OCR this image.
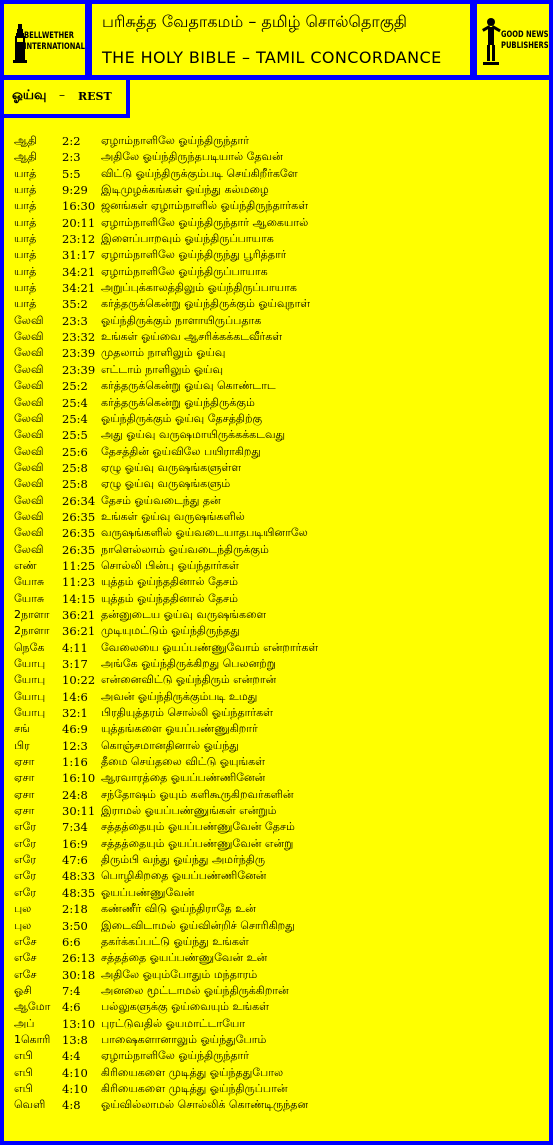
BELLWETHER
INTERNATIONAL
பரிசுத்த வேதாகமம் – தமிழ் சொல்தொகுதி
THE HOLY BIBLE – TAMIL CONCORDANCE
GOOD NEWS
PUBLISHERS
ஓய்வு – REST
ஆதி 2:2 ஏழாம்நாளிலே ஓய்ந்திருந்தார்
ஆதி 2:3 அதிலே ஓய்ந்திருந்தபடியால் தேவன்
யாத் 5:5 விட்டு ஓய்ந்திருக்கும்படி செய்கிறீர்களே
யாத் 9:29 இடிமுழக்கங்கள் ஓய்ந்து கல்மழை
யாத் 16:30 ஜனங்கள் ஏழாம்நாளில் ஓய்ந்திருந்தார்கள்
யாத் 20:11 ஏழாம்நாளிலே ஓய்ந்திருந்தார் ஆகையால்
யாத் 23:12 இளைப்பாறவும் ஓய்ந்திருப்பாயாக
யாத் 31:17 ஏழாம்நாளிலே ஓய்ந்திருந்து பூரித்தார்
யாத் 34:21 ஏழாம்நாளிலே ஓய்ந்திருப்பாயாக
யாத் 34:21 அறுப்புக்காலத்திலும் ஓய்ந்திருப்பாயாக
யாத் 35:2 கர்த்தருக்கென்று ஓய்ந்திருக்கும் ஓய்வுநாள்
லேவி 23:3 ஓய்ந்திருக்கும் நாளாயிருப்பதாக
லேவி 23:32 உங்கள் ஓய்வை ஆசரிக்கக்கடவீர்கள்
லேவி 23:39 முதலாம் நாளிலும் ஓய்வு
லேவி 23:39 எட்டாம் நாளிலும் ஓய்வு
லேவி 25:2 கர்த்தருக்கென்று ஓய்வு கொண்டாட
லேவி 25:4 கர்த்தருக்கென்று ஓய்ந்திருக்கும்
லேவி 25:4 ஓய்ந்திருக்கும் ஓய்வு தேசத்திற்கு
லேவி 25:5 அது ஓய்வு வருஷமாயிருக்கக்கடவது
லேவி 25:6 தேசத்தின் ஓய்விலே பயிராகிறது
லேவி 25:8 ஏழு ஓய்வு வருஷங்களுள்ள
லேவி 25:8 ஏழு ஓய்வு வருஷங்களும்
லேவி 26:34 தேசம் ஓய்வடைந்து தன்
லேவி 26:35 உங்கள் ஓய்வு வருஷங்களில்
லேவி 26:35 வருஷங்களில் ஓய்வடையாதபடியினாலே
லேவி 26:35 நாளெல்லாம் ஓய்வடைந்திருக்கும்
எண் 11:25 சொல்லி பின்பு ஓய்ந்தார்கள்
யோசு 11:23 யுத்தம் ஓய்ந்ததினால் தேசம்
யோசு 14:15 யுத்தம் ஓய்ந்ததினால் தேசம்
2நாளா 36:21 தன்னுடைய ஓய்வு வருஷங்களை
2நாளா 36:21 முடியுமட்டும் ஓய்ந்திருந்தது
நெகே 4:11 வேலையை ஓயப்பண்ணுவோம் என்றார்கள்
யோபு 3:17 அங்கே ஓய்ந்திருக்கிறது பெலனற்று
யோபு 10:22 என்னைவிட்டு ஓய்ந்திரும் என்றான்
யோபு 14:6 அவன் ஓய்ந்திருக்கும்படி உமது
யோபு 32:1 பிரதியுத்தரம் சொல்லி ஓய்ந்தார்கள்
சங்	46:9 யுத்தங்களை ஓயப்பண்ணுகிறார்
பிர	12:3 கொஞ்சமானதினால் ஓய்ந்து
ஏசா 1:16 தீமை செய்தலை விட்டு ஓயுங்கள்
ஏசா 16:10 ஆரவாரத்தை ஓயப்பண்ணினேன்
ஏசா 24:8 சந்தோஷம் ஓயும் களிகூருகிறவர்களின்
ஏசா 30:11 இராமல் ஓயப்பண்ணுங்கள் என்றும்
எரே 7:34 சத்தத்தையும் ஓயப்பண்ணுவேன் தேசம்
எரே 16:9 சத்தத்தையும் ஓயப்பண்ணுவேன் என்று
எரே 47:6 திரும்பி வந்து ஓய்ந்து அமர்ந்திரு
எரே 48:33 பொழிகிறதை ஓயப்பண்ணினேன்
எரே 48:35 ஓயப்பண்ணுவேன்
புல	2:18 கண்ணீர் விடு ஓய்ந்திராதே உன்
புல	3:50 இடைவிடாமல் ஓய்வின்றிச் சொரிகிறது
எசே 6:6 தகர்க்கப்பட்டு ஓய்ந்து உங்கள்
எசே 26:13 சத்தத்தை ஓயப்பண்ணுவேன் உன்
எசே 30:18 அதிலே ஓயும்போதும் மந்தாரம்
ஓசி	7:4 அனலை மூட்டாமல் ஓய்ந்திருக்கிறான்
ஆமோ 4:6 பல்லுகளுக்கு ஓய்வையும் உங்கள்
அப் 13:10 புரட்டுவதில் ஓயமாட்டாயோ
1கொரி 13:8 பாஷைகளானாலும் ஓய்ந்துபோம்
எபி	4:4 ஏழாம்நாளிலே ஓய்ந்திருந்தார்
எபி	4:10 கிரியைகளை முடித்து ஓய்ந்ததுபோல
எபி	4:10 கிரியைகளை முடித்து ஓய்ந்திருப்பான்
வெளி 4:8 ஓய்வில்லாமல் சொல்லிக் கொண்டிருந்தன
